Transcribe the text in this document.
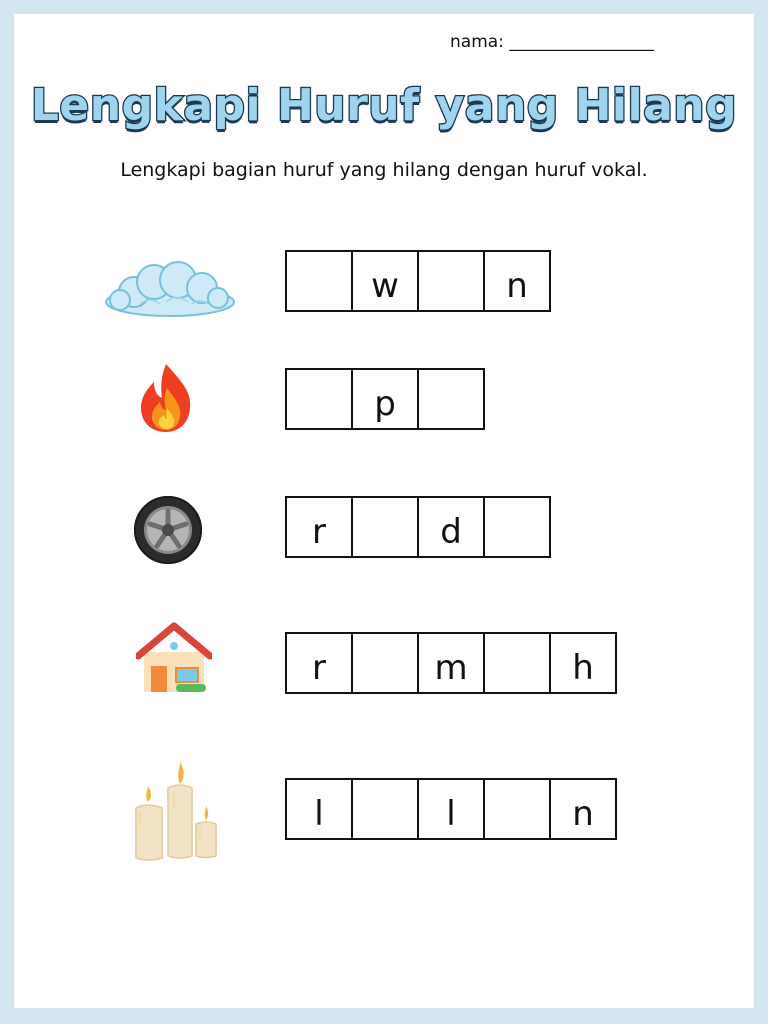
nama: _________________
Lengkapi Huruf yang Hilang
Lengkapi bagian huruf yang hilang dengan huruf vokal.
w	n
p
r	d
r	m	h
l	l	n
